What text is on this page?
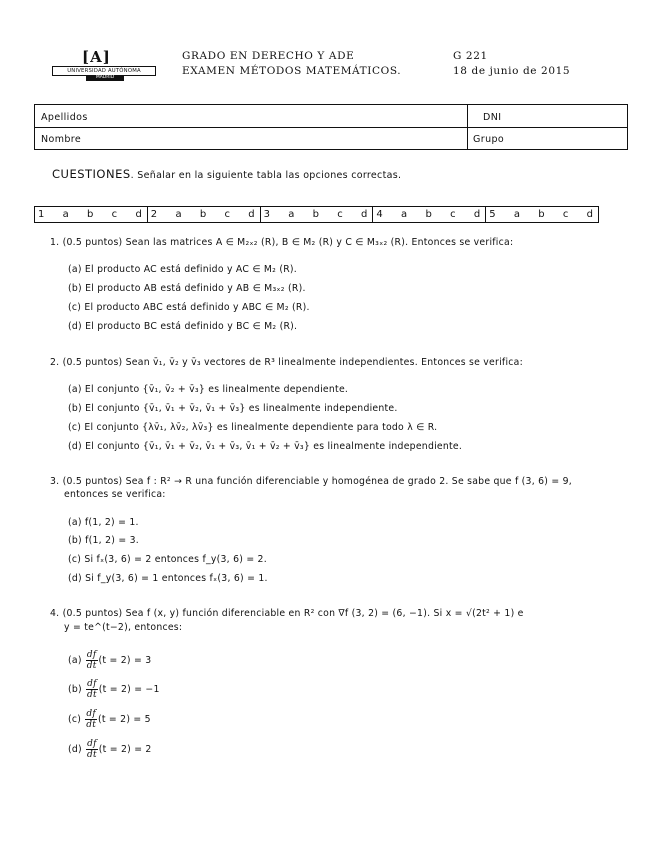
[A]
UNIVERSIDAD AUTÓNOMA
MADRID
GRADO EN DERECHO Y ADE
EXAMEN MÉTODOS MATEMÁTICOS.
G 221
18 de junio de 2015
Apellidos	DNI
Nombre	Grupo
CUESTIONES. Señalar en la siguiente tabla las opciones correctas.
1 a b c d 2 a b c d 3 a b c d 4 a b c d 5 a b c d
1. (0.5 puntos) Sean las matrices A ∈ M₂ₓ₂ (R), B ∈ M₂ (R) y C ∈ M₃ₓ₂ (R). Entonces se verifica:
(a) El producto AC está definido y AC ∈ M₂ (R).
(b) El producto AB está definido y AB ∈ M₃ₓ₂ (R).
(c) El producto ABC está definido y ABC ∈ M₂ (R).
(d) El producto BC está definido y BC ∈ M₂ (R).
2. (0.5 puntos) Sean v̄₁, v̄₂ y v̄₃ vectores de R³ linealmente independientes. Entonces se verifica:
(a) El conjunto {v̄₁, v̄₂ + v̄₃} es linealmente dependiente.
(b) El conjunto {v̄₁, v̄₁ + v̄₂, v̄₁ + v̄₃} es linealmente independiente.
(c) El conjunto {λv̄₁, λv̄₂, λv̄₃} es linealmente dependiente para todo λ ∈ R.
(d) El conjunto {v̄₁, v̄₁ + v̄₂, v̄₁ + v̄₃, v̄₁ + v̄₂ + v̄₃} es linealmente independiente.
3. (0.5 puntos) Sea f : R² → R una función diferenciable y homogénea de grado 2. Se sabe que f (3, 6) = 9,
entonces se verifica:
(a) f(1, 2) = 1.
(b) f(1, 2) = 3.
(c) Si fₓ(3, 6) = 2 entonces f_y(3, 6) = 2.
(d) Si f_y(3, 6) = 1 entonces fₓ(3, 6) = 1.
4. (0.5 puntos) Sea f (x, y) función diferenciable en R² con ∇f (3, 2) = (6, −1). Si x = √(2t² + 1) e
y = te^(t−2), entonces:
$(a) \frac{df}{dt} (t = 2) = 3$
$(b) \frac{df}{dt} (t = 2) = -1$
$(c) \frac{df}{dt} (t = 2) = 5$
$(d) \frac{df}{dt} (t = 2) = 2$
